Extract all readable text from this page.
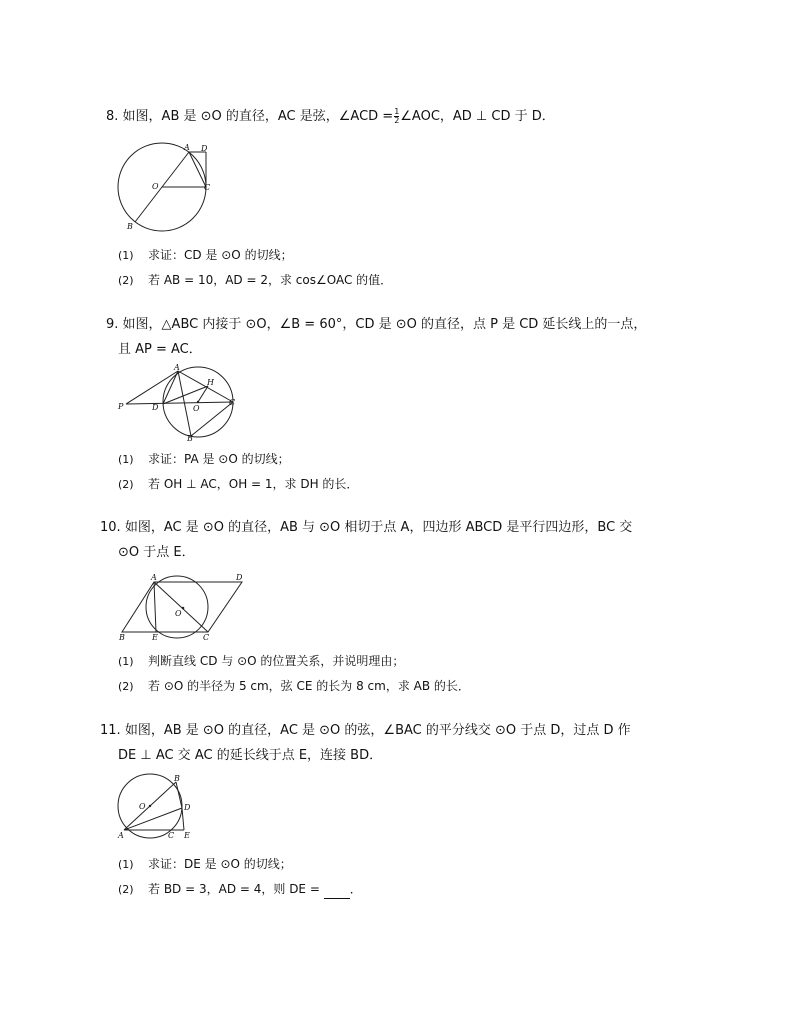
8. 如图，AB 是 ⊙O 的直径，AC 是弦，∠ACD = $\frac{1}{2}$ ∠AOC，AD ⊥ CD 于 D．
A D
O	C
B
(1) 求证：CD 是 ⊙O 的切线；
(2) 若 AB = 10，AD = 2，求 cos∠OAC 的值．
9. 如图，△ABC 内接于 ⊙O，∠B = 60°，CD 是 ⊙O 的直径，点 P 是 CD 延长线上的一点，
且 AP = AC．
A
H
P	D	O
C
B
(1) 求证：PA 是 ⊙O 的切线；
(2) 若 OH ⊥ AC，OH = 1，求 DH 的长．
10. 如图，AC 是 ⊙O 的直径，AB 与 ⊙O 相切于点 A，四边形 ABCD 是平行四边形，BC 交
⊙O 于点 E．
A	D
O
B	E	C
(1) 判断直线 CD 与 ⊙O 的位置关系，并说明理由；
(2) 若 ⊙O 的半径为 5 cm，弦 CE 的长为 8 cm，求 AB 的长．
11. 如图，AB 是 ⊙O 的直径，AC 是 ⊙O 的弦，∠BAC 的平分线交 ⊙O 于点 D，过点 D 作
DE ⊥ AC 交 AC 的延长线于点 E，连接 BD．
B
O	D
A	C E
(1) 求证：DE 是 ⊙O 的切线；
(2) 若 BD = 3，AD = 4，则 DE = ．
